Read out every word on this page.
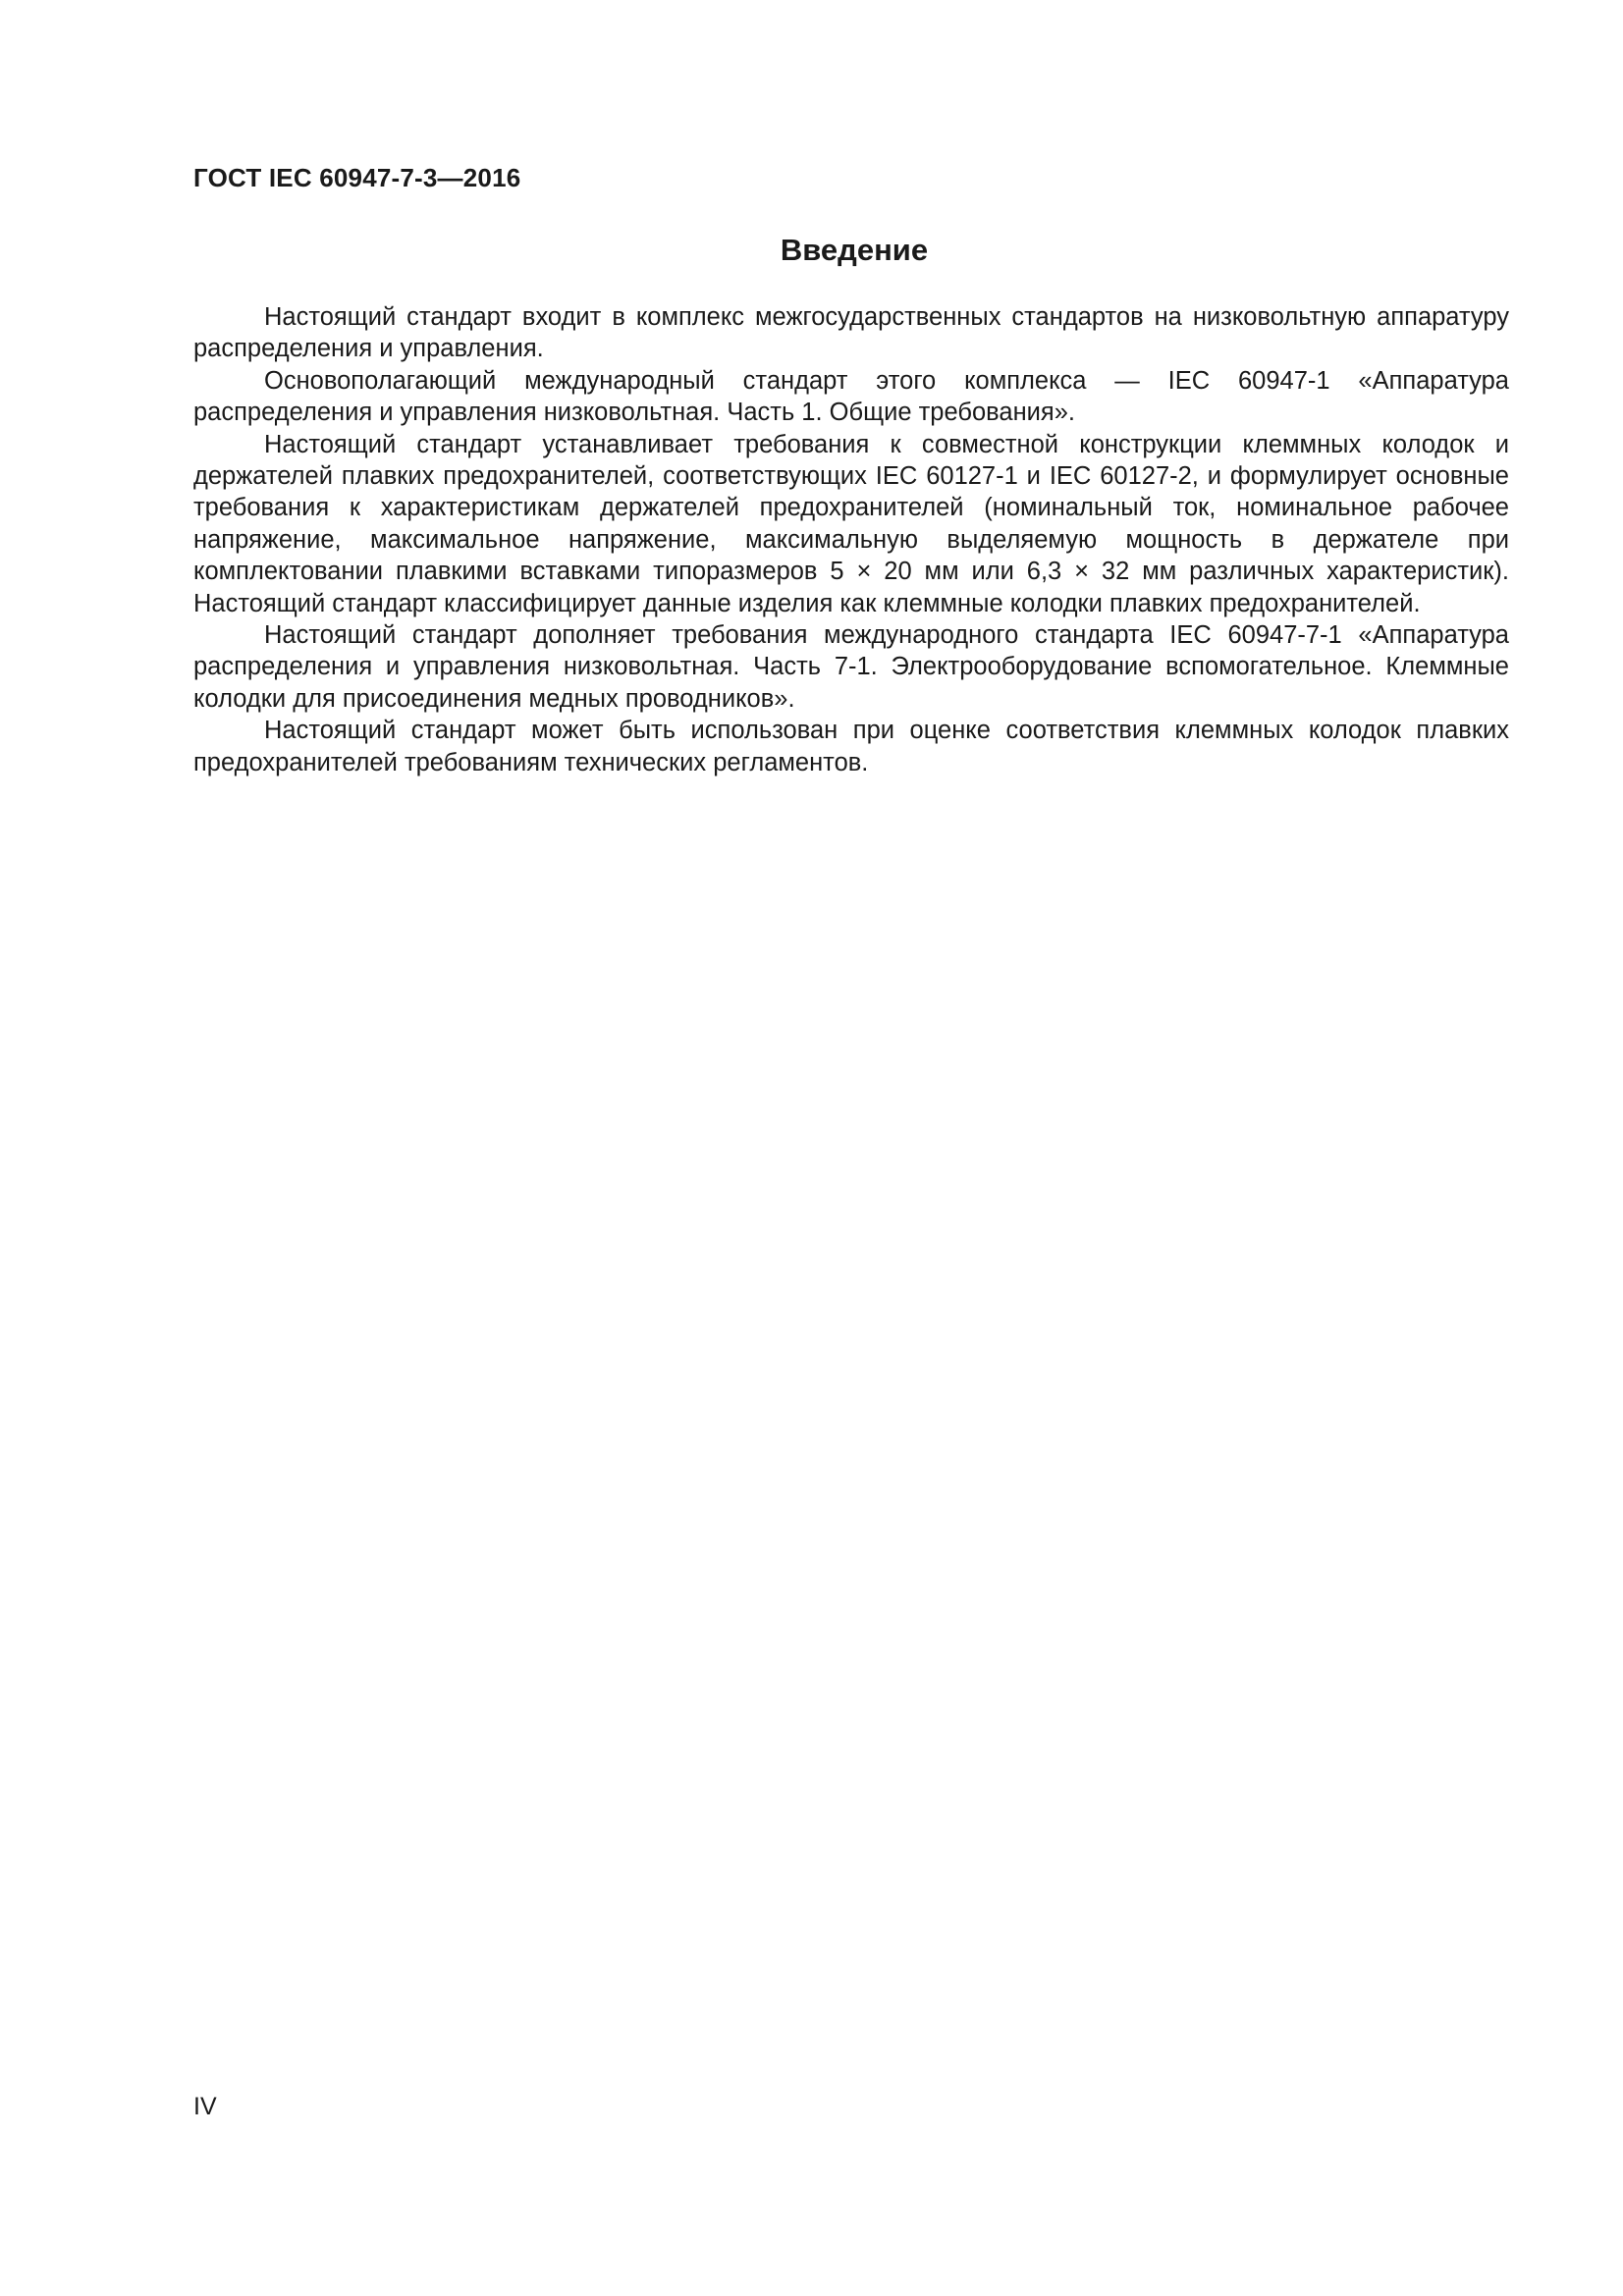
ГОСТ IEC 60947-7-3—2016
Введение

Настоящий стандарт входит в комплекс межгосударственных стандартов на низковольтную аппаратуру распределения и управления.

Основополагающий международный стандарт этого комплекса — IEC 60947-1 «Аппаратура распределения и управления низковольтная. Часть 1. Общие требования».

Настоящий стандарт устанавливает требования к совместной конструкции клеммных колодок и держателей плавких предохранителей, соответствующих IEC 60127-1 и IEC 60127-2, и формулирует основные требования к характеристикам держателей предохранителей (номинальный ток, номинальное рабочее напряжение, максимальное напряжение, максимальную выделяемую мощность в держателе при комплектовании плавкими вставками типоразмеров 5 × 20 мм или 6,3 × 32 мм различных характеристик). Настоящий стандарт классифицирует данные изделия как клеммные колодки плавких предохранителей.

Настоящий стандарт дополняет требования международного стандарта IEC 60947-7-1 «Аппаратура распределения и управления низковольтная. Часть 7-1. Электрооборудование вспомогательное. Клеммные колодки для присоединения медных проводников».

Настоящий стандарт может быть использован при оценке соответствия клеммных колодок плавких предохранителей требованиям технических регламентов.

IV
